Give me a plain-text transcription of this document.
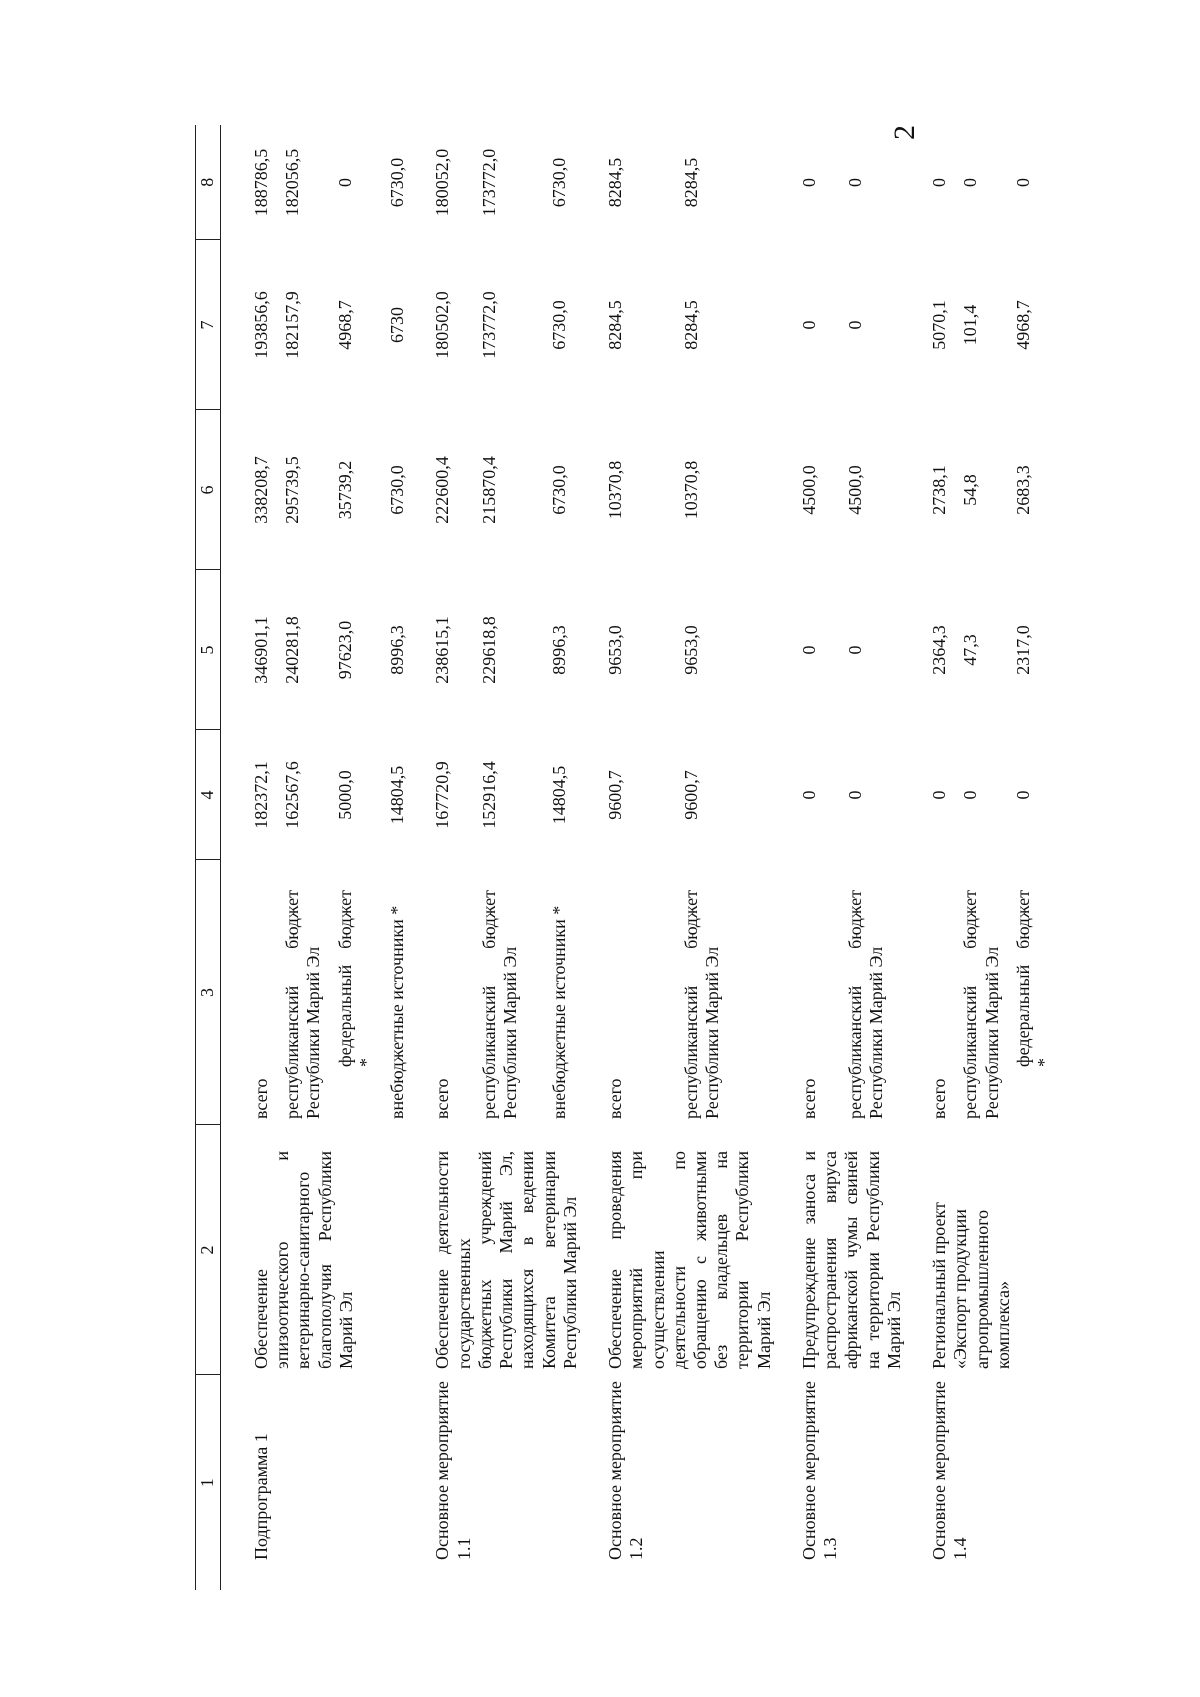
2
1	2	3	4	5	6	7	8
Подпрограмма 1	Обеспечение эпизоотического и ветеринарно-санитарного благополучия Республики Марий Эл	всего	182372,1	346901,1	338208,7	193856,6	188786,5
		республиканский бюджет Республики Марий Эл	162567,6	240281,8	295739,5	182157,9	182056,5

		федеральный бюджет *	5000,0	97623,0	35739,2	4968,7	0
		внебюджетные источники *	14804,5	8996,3	6730,0	6730	6730,0
Основное мероприятие 1.1	Обеспечение деятельности государственных бюджетных учреждений Республики Марий Эл, находящихся в ведении Комитета ветеринарии Республики Марий Эл	всего	167720,9	238615,1	222600,4	180502,0	180052,0
		республиканский бюджет Республики Марий Эл	152916,4	229618,8	215870,4	173772,0	173772,0
		внебюджетные источники *	14804,5	8996,3	6730,0	6730,0	6730,0
Основное мероприятие 1.2	Обеспечение проведения мероприятий при осуществлении деятельности по обращению с животными без владельцев на территории Республики Марий Эл	всего	9600,7	9653,0	10370,8	8284,5	8284,5
		республиканский бюджет Республики Марий Эл	9600,7	9653,0	10370,8	8284,5	8284,5
Основное мероприятие 1.3	Предупреждение заноса и распространения вируса африканской чумы свиней на территории Республики Марий Эл	всего	0	0	4500,0	0	0
		республиканский бюджет Республики Марий Эл	0	0	4500,0	0	0
Основное мероприятие 1.4	Региональный проект «Экспорт продукции агропромышленного комплекса»	всего	0	2364,3	2738,1	5070,1	0
		республиканский бюджет Республики Марий Эл	0	47,3	54,8	101,4	0

		федеральный бюджет *	0	2317,0	2683,3	4968,7	0
